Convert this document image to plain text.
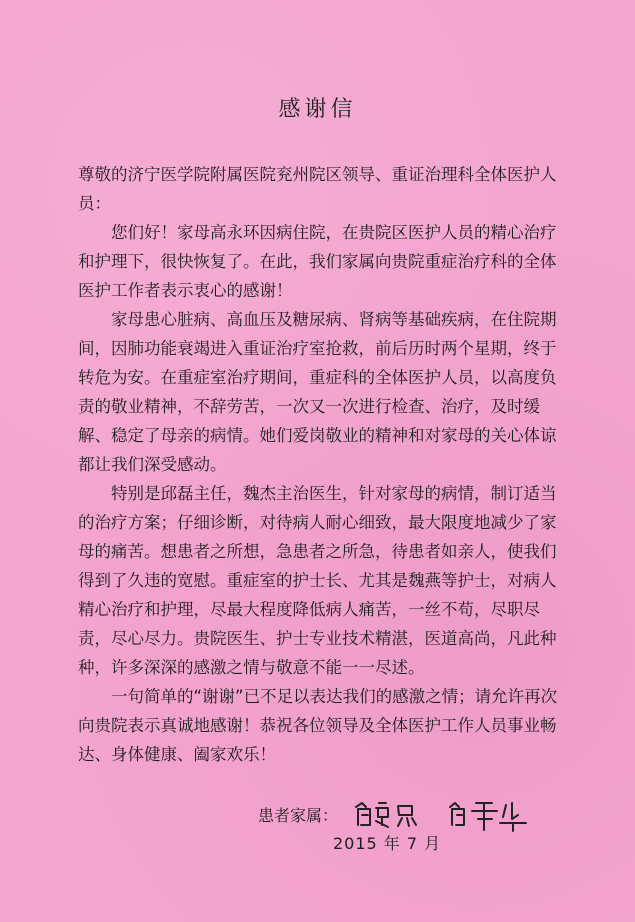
感谢信

尊敬的济宁医学院附属医院兖州院区领导、重证治理科全体医护人员：

您们好！家母高永环因病住院，在贵院区医护人员的精心治疗和护理下，很快恢复了。在此，我们家属向贵院重症治疗科的全体医护工作者表示衷心的感谢！

家母患心脏病、高血压及糖尿病、肾病等基础疾病，在住院期间，因肺功能衰竭进入重证治疗室抢救，前后历时两个星期，终于转危为安。在重症室治疗期间，重症科的全体医护人员，以高度负责的敬业精神，不辞劳苦，一次又一次进行检查、治疗，及时缓解、稳定了母亲的病情。她们爱岗敬业的精神和对家母的关心体谅都让我们深受感动。

特别是邱磊主任，魏杰主治医生，针对家母的病情，制订适当的治疗方案；仔细诊断，对待病人耐心细致，最大限度地减少了家母的痛苦。想患者之所想，急患者之所急，待患者如亲人，使我们得到了久违的宽慰。重症室的护士长、尤其是魏燕等护士，对病人精心治疗和护理，尽最大程度降低病人痛苦，一丝不苟，尽职尽责，尽心尽力。贵院医生、护士专业技术精湛，医道高尚，凡此种种，许多深深的感激之情与敬意不能一一尽述。

一句简单的“谢谢”已不足以表达我们的感激之情；请允许再次向贵院表示真诚地感谢！恭祝各位领导及全体医护工作人员事业畅达、身体健康、阖家欢乐！

患者家属：
2015 年 7 月
